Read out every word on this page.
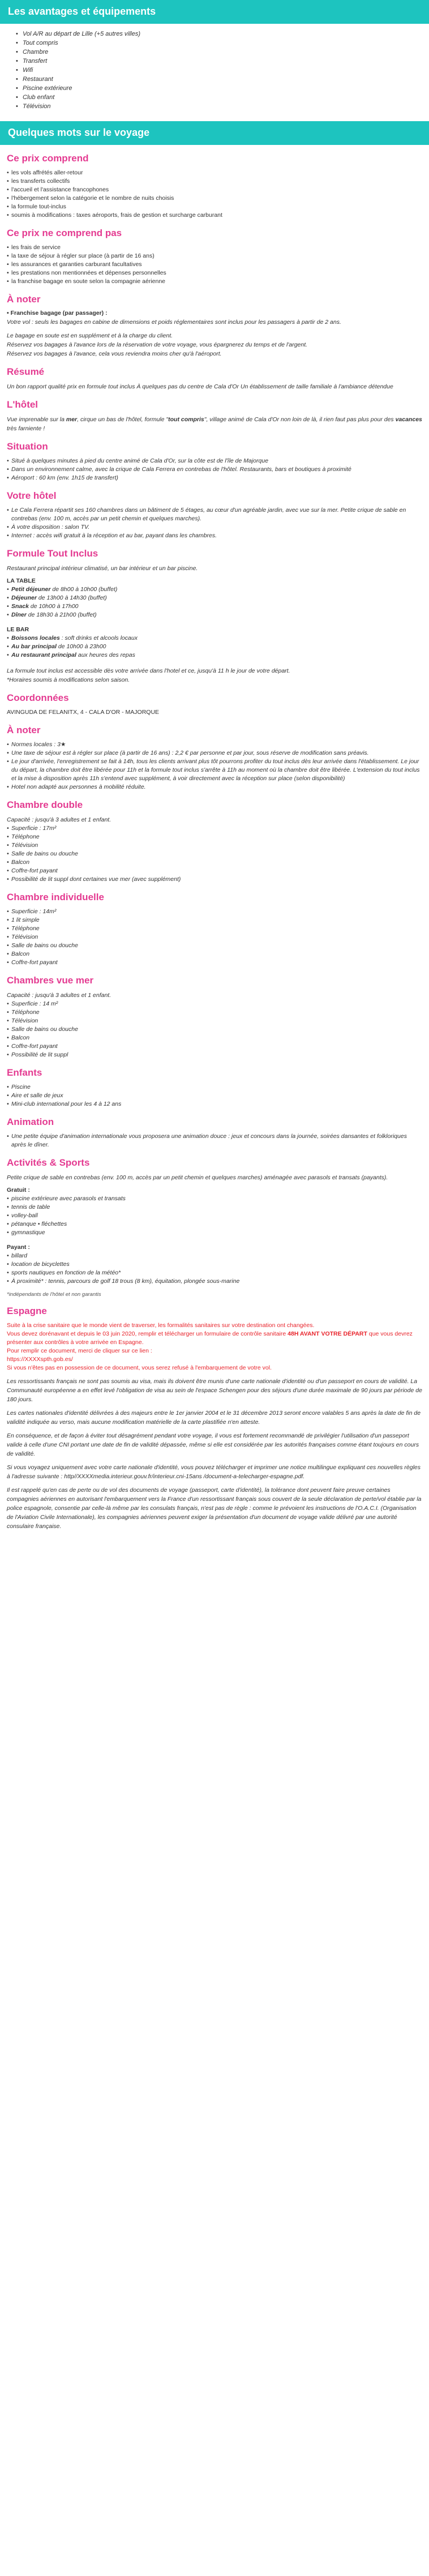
Les avantages et équipements
• Vol A/R au départ de Lille (+5 autres villes)
• Tout compris
• Chambre
• Transfert
• Wifi
• Restaurant
• Piscine extérieure
• Club enfant
• Télévision
Quelques mots sur le voyage
Ce prix comprend
• les vols affrétés aller-retour
• les transferts collectifs
• l'accueil et l'assistance francophones
• l'hébergement selon la catégorie et le nombre de nuits choisis
• la formule tout-inclus
• soumis à modifications : taxes aéroports, frais de gestion et surcharge carburant
Ce prix ne comprend pas
• les frais de service
• la taxe de séjour à régler sur place (à partir de 16 ans)
• les assurances et garanties carburant facultatives
• les prestations non mentionnées et dépenses personnelles
• la franchise bagage en soute selon la compagnie aérienne
À noter
• Franchise bagage (par passager) :

Votre vol : seuls les bagages en cabine de dimensions et poids réglementaires sont inclus pour les passagers à partir de 2 ans.

Le bagage en soute est en supplément et à la charge du client.

Réservez vos bagages à l'avance lors de la réservation de votre voyage, vous épargnerez du temps et de l'argent.

Réservez vos bagages à l'avance, cela vous reviendra moins cher qu'à l'aéroport.

Résumé

Un bon rapport qualité prix en formule tout inclus À quelques pas du centre de Cala d'Or Un établissement de taille familiale à l'ambiance détendue

L'hôtel

Vue imprenable sur la mer, cirque un bas de l'hôtel, formule "tout compris", village animé de Cala d'Or non loin de là, il rien faut pas plus pour des vacances très farniente !

Situation
• Situé à quelques minutes à pied du centre animé de Cala d'Or, sur la côte est de l'île de Majorque
• Dans un environnement calme, avec la crique de Cala Ferrera en contrebas de l'hôtel. Restaurants, bars et boutiques à proximité
• Aéroport : 60 km (env. 1h15 de transfert)
Votre hôtel
• Le Cala Ferrera répartit ses 160 chambres dans un bâtiment de 5 étages, au cœur d'un agréable jardin, avec vue sur la mer. Petite crique de sable en contrebas (env. 100 m, accès par un petit chemin et quelques marches).
• À votre disposition : salon TV.
• Internet : accès wifi gratuit à la réception et au bar, payant dans les chambres.
Formule Tout Inclus

Restaurant principal intérieur climatisé, un bar intérieur et un bar piscine.

LA TABLE
• Petit déjeuner de 8h00 à 10h00 (buffet)
• Déjeuner de 13h00 à 14h30 (buffet)
• Snack de 10h00 à 17h00
• Dîner de 18h30 à 21h00 (buffet)
LE BAR
• Boissons locales : soft drinks et alcools locaux
• Au bar principal de 10h00 à 23h00
• Au restaurant principal aux heures des repas

La formule tout inclus est accessible dès votre arrivée dans l'hotel et ce, jusqu'à 11 h le jour de votre départ.

*Horaires soumis à modifications selon saison.

Coordonnées
AVINGUDA DE FELANITX, 4 - CALA D'OR - MAJORQUE
À noter
• Normes locales : 3★
• Une taxe de séjour est à régler sur place (à partir de 16 ans) : 2,2 € par personne et par jour, sous réserve de modification sans préavis.
• Le jour d'arrivée, l'enregistrement se fait à 14h, tous les clients arrivant plus tôt pourrons profiter du tout inclus dès leur arrivée dans l'établissement. Le jour du départ, la chambre doit être libérée pour 11h et la formule tout inclus s'arrête à 11h au moment où la chambre doit être libérée. L'extension du tout inclus et la mise à disposition après 11h s'entend avec supplément, à voir directement avec la réception sur place (selon disponibilité)
• Hotel non adapté aux personnes à mobilité réduite.
Chambre double

Capacité : jusqu'à 3 adultes et 1 enfant.

• Superficie : 17m²
• Téléphone
• Télévision
• Salle de bains ou douche
• Balcon
• Coffre-fort payant
• Possibilité de lit suppl dont certaines vue mer (avec supplément)
Chambre individuelle
• Superficie : 14m²
• 1 lit simple
• Téléphone
• Télévision
• Salle de bains ou douche
• Balcon
• Coffre-fort payant
Chambres vue mer

Capacité : jusqu'à 3 adultes et 1 enfant.

• Superficie : 14 m²
• Téléphone
• Télévision
• Salle de bains ou douche
• Balcon
• Coffre-fort payant
• Possibilité de lit suppl
Enfants
• Piscine
• Aire et salle de jeux
• Mini-club international pour les 4 à 12 ans
Animation
• Une petite équipe d'animation internationale vous proposera une animation douce : jeux et concours dans la journée, soirées dansantes et folkloriques après le dîner.
Activités & Sports

Petite crique de sable en contrebas (env. 100 m, accès par un petit chemin et quelques marches) aménagée avec parasols et transats (payants).

Gratuit :
• piscine extérieure avec parasols et transats
• tennis de table
• volley-ball
• pétanque • fléchettes
• gymnastique
Payant :
• billard
• location de bicyclettes
• sports nautiques en fonction de la météo*
• À proximité* : tennis, parcours de golf 18 trous (8 km), équitation, plongée sous-marine
*indépendants de l'hôtel et non garantis
Espagne
Suite à la crise sanitaire que le monde vient de traverser, les formalités sanitaires sur votre destination ont changées.
Vous devez dorénavant et depuis le 03 juin 2020, remplir et télécharger un formulaire de contrôle sanitaire 48H AVANT VOTRE DÉPART que vous devrez présenter aux contrôles à votre arrivée en Espagne.
Pour remplir ce document, merci de cliquer sur ce lien :
https://XXXXspth.gob.es/
Si vous n'êtes pas en possession de ce document, vous serez refusé à l'embarquement de votre vol.

Les ressortissants français ne sont pas soumis au visa, mais ils doivent être munis d'une carte nationale d'identité ou d'un passeport en cours de validité. La Communauté européenne a en effet levé l'obligation de visa au sein de l'espace Schengen pour des séjours d'une durée maximale de 90 jours par période de 180 jours.

Les cartes nationales d'identité délivrées à des majeurs entre le 1er janvier 2004 et le 31 décembre 2013 seront encore valables 5 ans après la date de fin de validité indiquée au verso, mais aucune modification matérielle de la carte plastifiée n'en atteste.

En conséquence, et de façon à éviter tout désagrément pendant votre voyage, il vous est fortement recommandé de privilégier l'utilisation d'un passeport valide à celle d'une CNI portant une date de fin de validité dépassée, même si elle est considérée par les autorités françaises comme étant toujours en cours de validité.

Si vous voyagez uniquement avec votre carte nationale d'identité, vous pouvez télécharger et imprimer une notice multilingue expliquant ces nouvelles règles à l'adresse suivante : http//XXXXmedia.interieur.gouv.fr/interieur.cni-15ans /document-a-telecharger-espagne.pdf.

Il est rappelé qu'en cas de perte ou de vol des documents de voyage (passeport, carte d'identité), la tolérance dont peuvent faire preuve certaines compagnies aériennes en autorisant l'embarquement vers la France d'un ressortissant français sous couvert de la seule déclaration de perte/vol établie par la police espagnole, consentie par celle-là même par les consulats français, n'est pas de règle : comme le prévoient les instructions de l'O.A.C.I. (Organisation de l'Aviation Civile Internationale), les compagnies aériennes peuvent exiger la présentation d'un document de voyage valide délivré par une autorité consulaire française.
